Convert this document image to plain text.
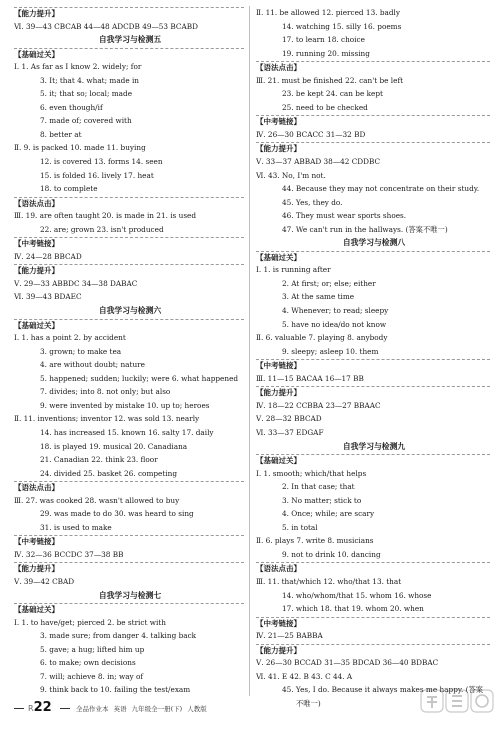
【能力提升】
Ⅵ. 39—43 CBCAB 44—48 ADCDB 49—53 BCABD
自我学习与检测五
【基础过关】
Ⅰ. 1. As far as I know 2. widely; for
3. It; that 4. what; made in
5. it; that so; local; made
6. even though/if
7. made of; covered with
8. better at
Ⅱ. 9. is packed 10. made 11. buying
12. is covered 13. forms 14. seen
15. is folded 16. lively 17. heat
18. to complete
【语法点击】
Ⅲ. 19. are often taught 20. is made in 21. is used
22. are; grown 23. isn't produced
【中考链接】
Ⅳ. 24—28 BBCAD
【能力提升】
Ⅴ. 29—33 ABBDC 34—38 DABAC
Ⅵ. 39—43 BDAEC
自我学习与检测六
【基础过关】
Ⅰ. 1. has a point 2. by accident
3. grown; to make tea
4. are without doubt; nature
5. happened; sudden; luckily; were 6. what happened
7. divides; into 8. not only; but also
9. were invented by mistake 10. up to; heroes
Ⅱ. 11. inventions; inventor 12. was sold 13. nearly
14. has increased 15. known 16. salty 17. daily
18. is played 19. musical 20. Canadiana
21. Canadian 22. think 23. floor
24. divided 25. basket 26. competing
【语法点击】
Ⅲ. 27. was cooked 28. wasn't allowed to buy
29. was made to do 30. was heard to sing
31. is used to make
【中考链接】
Ⅳ. 32—36 BCCDC 37—38 BB
【能力提升】
Ⅴ. 39—42 CBAD
自我学习与检测七
【基础过关】
Ⅰ. 1. to have/get; pierced 2. be strict with
3. made sure; from danger 4. talking back
5. gave; a hug; lifted him up
6. to make; own decisions
7. will; achieve 8. in; way of
9. think back to 10. failing the test/exam
Ⅱ. 11. be allowed 12. pierced 13. badly
14. watching 15. silly 16. poems
17. to learn 18. choice
19. running 20. missing
【语法点击】
Ⅲ. 21. must be finished 22. can't be left
23. be kept 24. can be kept
25. need to be checked
【中考链接】
Ⅳ. 26—30 BCACC 31—32 BD
【能力提升】
Ⅴ. 33—37 ABBAD 38—42 CDDBC
Ⅵ. 43. No, I'm not.
44. Because they may not concentrate on their study.
45. Yes, they do.
46. They must wear sports shoes.
47. We can't run in the hallways. (答案不唯一)
自我学习与检测八
【基础过关】
Ⅰ. 1. is running after
2. At first; or; else; either
3. At the same time
4. Whenever; to read; sleepy
5. have no idea/do not know
Ⅱ. 6. valuable 7. playing 8. anybody
9. sleepy; asleep 10. them
【中考链接】
Ⅲ. 11—15 BACAA 16—17 BB
【能力提升】
Ⅳ. 18—22 CCBBA 23—27 BBAAC
Ⅴ. 28—32 BBCAD
Ⅵ. 33—37 EDGAF
自我学习与检测九
【基础过关】
Ⅰ. 1. smooth; which/that helps
2. In that case; that
3. No matter; stick to
4. Once; while; are scary
5. in total
Ⅱ. 6. plays 7. write 8. musicians
9. not to drink 10. dancing
【语法点击】
Ⅲ. 11. that/which 12. who/that 13. that
14. who/whom/that 15. whom 16. whose
17. which 18. that 19. whom 20. when
【中考链接】
Ⅳ. 21—25 BABBA
【能力提升】
Ⅴ. 26—30 BCCAD 31—35 BDCAD 36—40 BDBAC
Ⅵ. 41. E 42. B 43. C 44. A
45. Yes, I do. Because it always makes me happy. (答案
不唯一)
R22	全品作业本 英语 九年级全一册(下) 人教版
